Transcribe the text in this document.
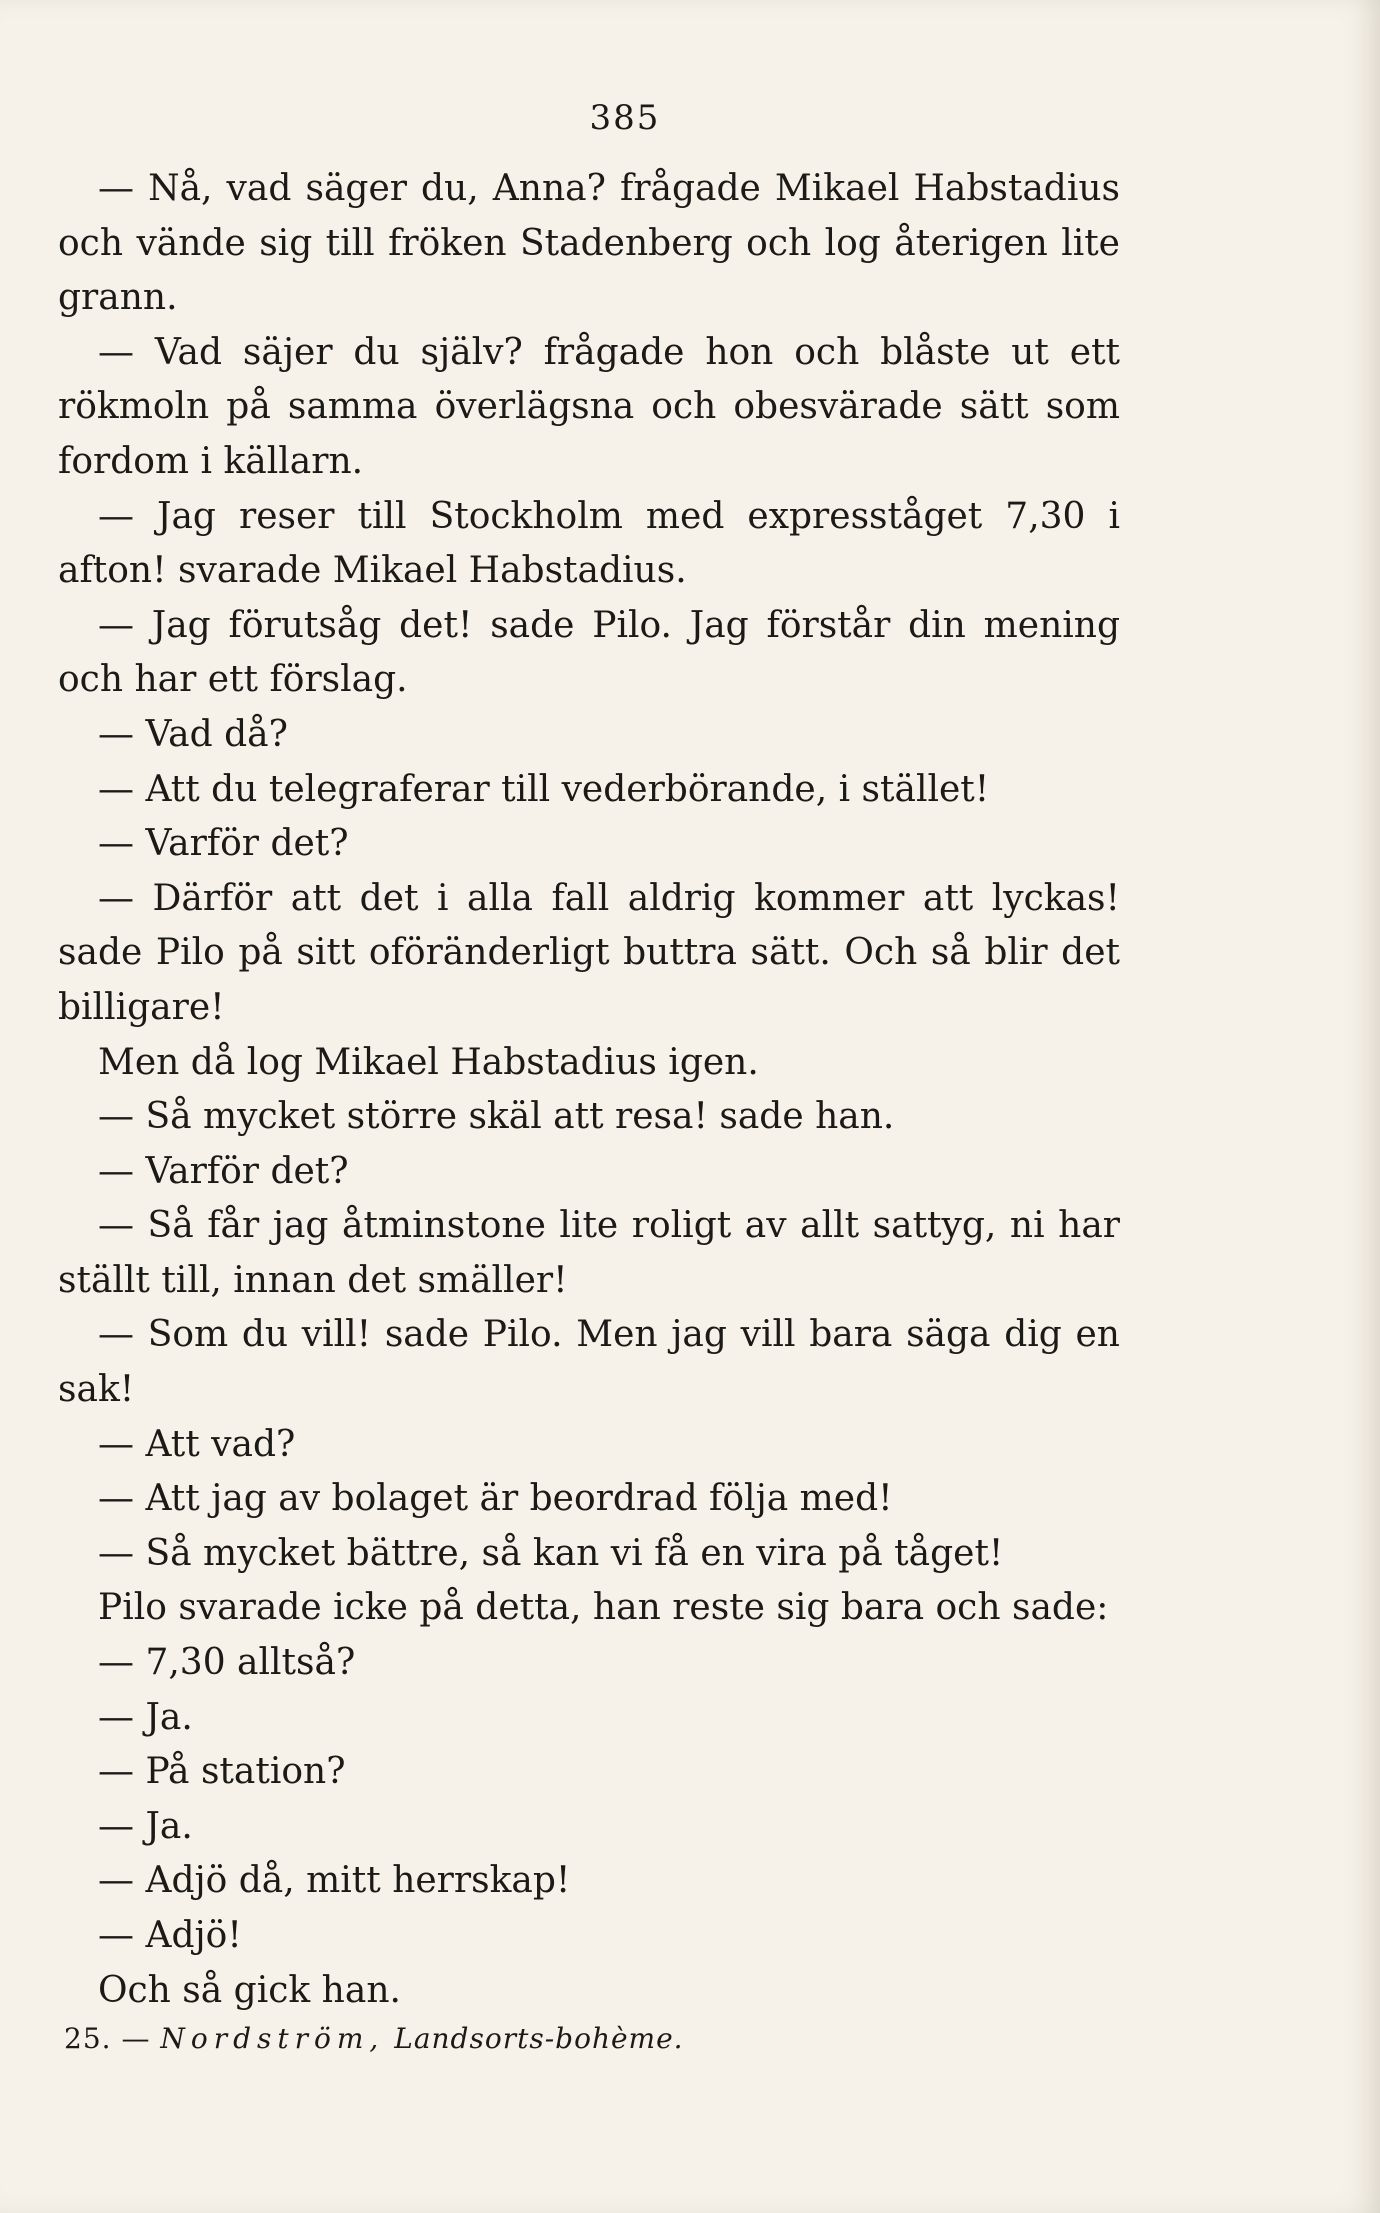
385

— Nå, vad säger du, Anna? frågade Mikael Habstadius och vände sig till fröken Stadenberg och log återigen lite grann.

— Vad säjer du själv? frågade hon och blåste ut ett rökmoln på samma överlägsna och obesvärade sätt som fordom i källarn.

— Jag reser till Stockholm med expresståget 7,30 i afton! svarade Mikael Habstadius.

— Jag förutsåg det! sade Pilo. Jag förstår din mening och har ett förslag.

— Vad då?

— Att du telegraferar till vederbörande, i stället!

— Varför det?

— Därför att det i alla fall aldrig kommer att lyckas! sade Pilo på sitt oföränderligt buttra sätt. Och så blir det billigare!

Men då log Mikael Habstadius igen.

— Så mycket större skäl att resa! sade han.

— Varför det?

— Så får jag åtminstone lite roligt av allt sattyg, ni har ställt till, innan det smäller!

— Som du vill! sade Pilo. Men jag vill bara säga dig en sak!

— Att vad?

— Att jag av bolaget är beordrad följa med!

— Så mycket bättre, så kan vi få en vira på tåget!

Pilo svarade icke på detta, han reste sig bara och sade:

— 7,30 alltså?

— Ja.

— På station?

— Ja.

— Adjö då, mitt herrskap!

— Adjö!

Och så gick han.

25. — Nordström, Landsorts-bohème.
